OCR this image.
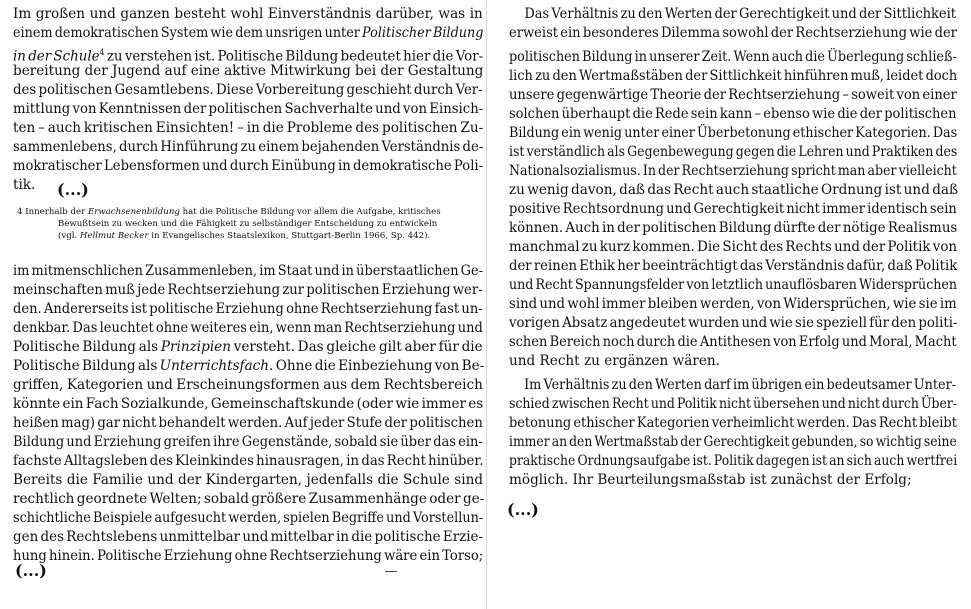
Im großen und ganzen besteht wohl Einverständnis darüber, was in
einem demokratischen System wie dem unsrigen unter Politischer Bildung
in der Schule$^4$ zu verstehen ist. Politische Bildung bedeutet hier die Vor-
bereitung der Jugend auf eine aktive Mitwirkung bei der Gestaltung
des politischen Gesamtlebens. Diese Vorbereitung geschieht durch Ver-
mittlung von Kenntnissen der politischen Sachverhalte und von Einsich-
ten – auch kritischen Einsichten! – in die Probleme des politischen Zu-
sammenlebens, durch Hinführung zu einem bejahenden Verständnis de-
mokratischer Lebensformen und durch Einübung in demokratische Poli-
tik. (...)
4 Innerhalb der Erwachsenenbildung hat die Politische Bildung vor allem die Aufgabe, kritisches
Bewußtsein zu wecken und die Fähigkeit zu selbständiger Entscheidung zu entwickeln
(vgl. Hellmut Becker in Evangelisches Staatslexikon, Stuttgart-Berlin 1966, Sp. 442).
im mitmenschlichen Zusammenleben, im Staat und in überstaatlichen Ge-
meinschaften muß jede Rechtserziehung zur politischen Erziehung wer-
den. Andererseits ist politische Erziehung ohne Rechtserziehung fast un-
denkbar. Das leuchtet ohne weiteres ein, wenn man Rechtserziehung und
Politische Bildung als Prinzipien versteht. Das gleiche gilt aber für die
Politische Bildung als Unterrichtsfach. Ohne die Einbeziehung von Be-
griffen, Kategorien und Erscheinungsformen aus dem Rechtsbereich
könnte ein Fach Sozialkunde, Gemeinschaftskunde (oder wie immer es
heißen mag) gar nicht behandelt werden. Auf jeder Stufe der politischen
Bildung und Erziehung greifen ihre Gegenstände, sobald sie über das ein-
fachste Alltagsleben des Kleinkindes hinausragen, in das Recht hinüber.
Bereits die Familie und der Kindergarten, jedenfalls die Schule sind
rechtlich geordnete Welten; sobald größere Zusammenhänge oder ge-
schichtliche Beispiele aufgesucht werden, spielen Begriffe und Vorstellun-
gen des Rechtslebens unmittelbar und mittelbar in die politische Erzie-
hung hinein. Politische Erziehung ohne Rechtserziehung wäre ein Torso;
(...)
Das Verhältnis zu den Werten der Gerechtigkeit und der Sittlichkeit
erweist ein besonderes Dilemma sowohl der Rechtserziehung wie der
politischen Bildung in unserer Zeit. Wenn auch die Überlegung schließ-
lich zu den Wertmaßstäben der Sittlichkeit hinführen muß, leidet doch
unsere gegenwärtige Theorie der Rechtserziehung – soweit von einer
solchen überhaupt die Rede sein kann – ebenso wie die der politischen
Bildung ein wenig unter einer Überbetonung ethischer Kategorien. Das
ist verständlich als Gegenbewegung gegen die Lehren und Praktiken des
Nationalsozialismus. In der Rechtserziehung spricht man aber vielleicht
zu wenig davon, daß das Recht auch staatliche Ordnung ist und daß
positive Rechtsordnung und Gerechtigkeit nicht immer identisch sein
können. Auch in der politischen Bildung dürfte der nötige Realismus
manchmal zu kurz kommen. Die Sicht des Rechts und der Politik von
der reinen Ethik her beeinträchtigt das Verständnis dafür, daß Politik
und Recht Spannungsfelder von letztlich unauflösbaren Widersprüchen
sind und wohl immer bleiben werden, von Widersprüchen, wie sie im
vorigen Absatz angedeutet wurden und wie sie speziell für den politi-
schen Bereich noch durch die Antithesen von Erfolg und Moral, Macht
und Recht zu ergänzen wären.
Im Verhältnis zu den Werten darf im übrigen ein bedeutsamer Unter-
schied zwischen Recht und Politik nicht übersehen und nicht durch Über-
betonung ethischer Kategorien verheimlicht werden. Das Recht bleibt
immer an den Wertmaßstab der Gerechtigkeit gebunden, so wichtig seine
praktische Ordnungsaufgabe ist. Politik dagegen ist an sich auch wertfrei
möglich. Ihr Beurteilungsmaßstab ist zunächst der Erfolg;
(...)
